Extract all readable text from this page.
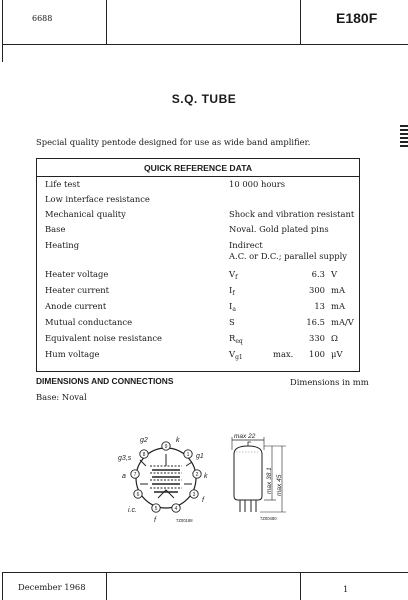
6688	E180F
S.Q. TUBE
Special quality pentode designed for use as wide band amplifier.
QUICK REFERENCE DATA
Life test	10 000 hours
Low interface resistance
Mechanical quality	Shock and vibration resistant
Base	Noval. Gold plated pins
Heating	Indirect
A.C. or D.C.; parallel supply
Heater voltage	$V_f$	6.3 V
Heater current	$I_f$	300 mA
Anode current	$I_a$	13 mA
Mutual conductance	S	16.5 mA/V
Equivalent noise resistance	$R_{eq}$	330 Ω
Hum voltage	$V_{g1}$	max.	100 μV
DIMENSIONS AND CONNECTIONS	Dimensions in mm
Base: Noval
9
1
2
3
4
5
6
7
8
g2	k
g3,s	g1
a	k
i.c.
f
f
7Z00188
max 22
max 38.1 max 45
7Z00480
December 1968	1
